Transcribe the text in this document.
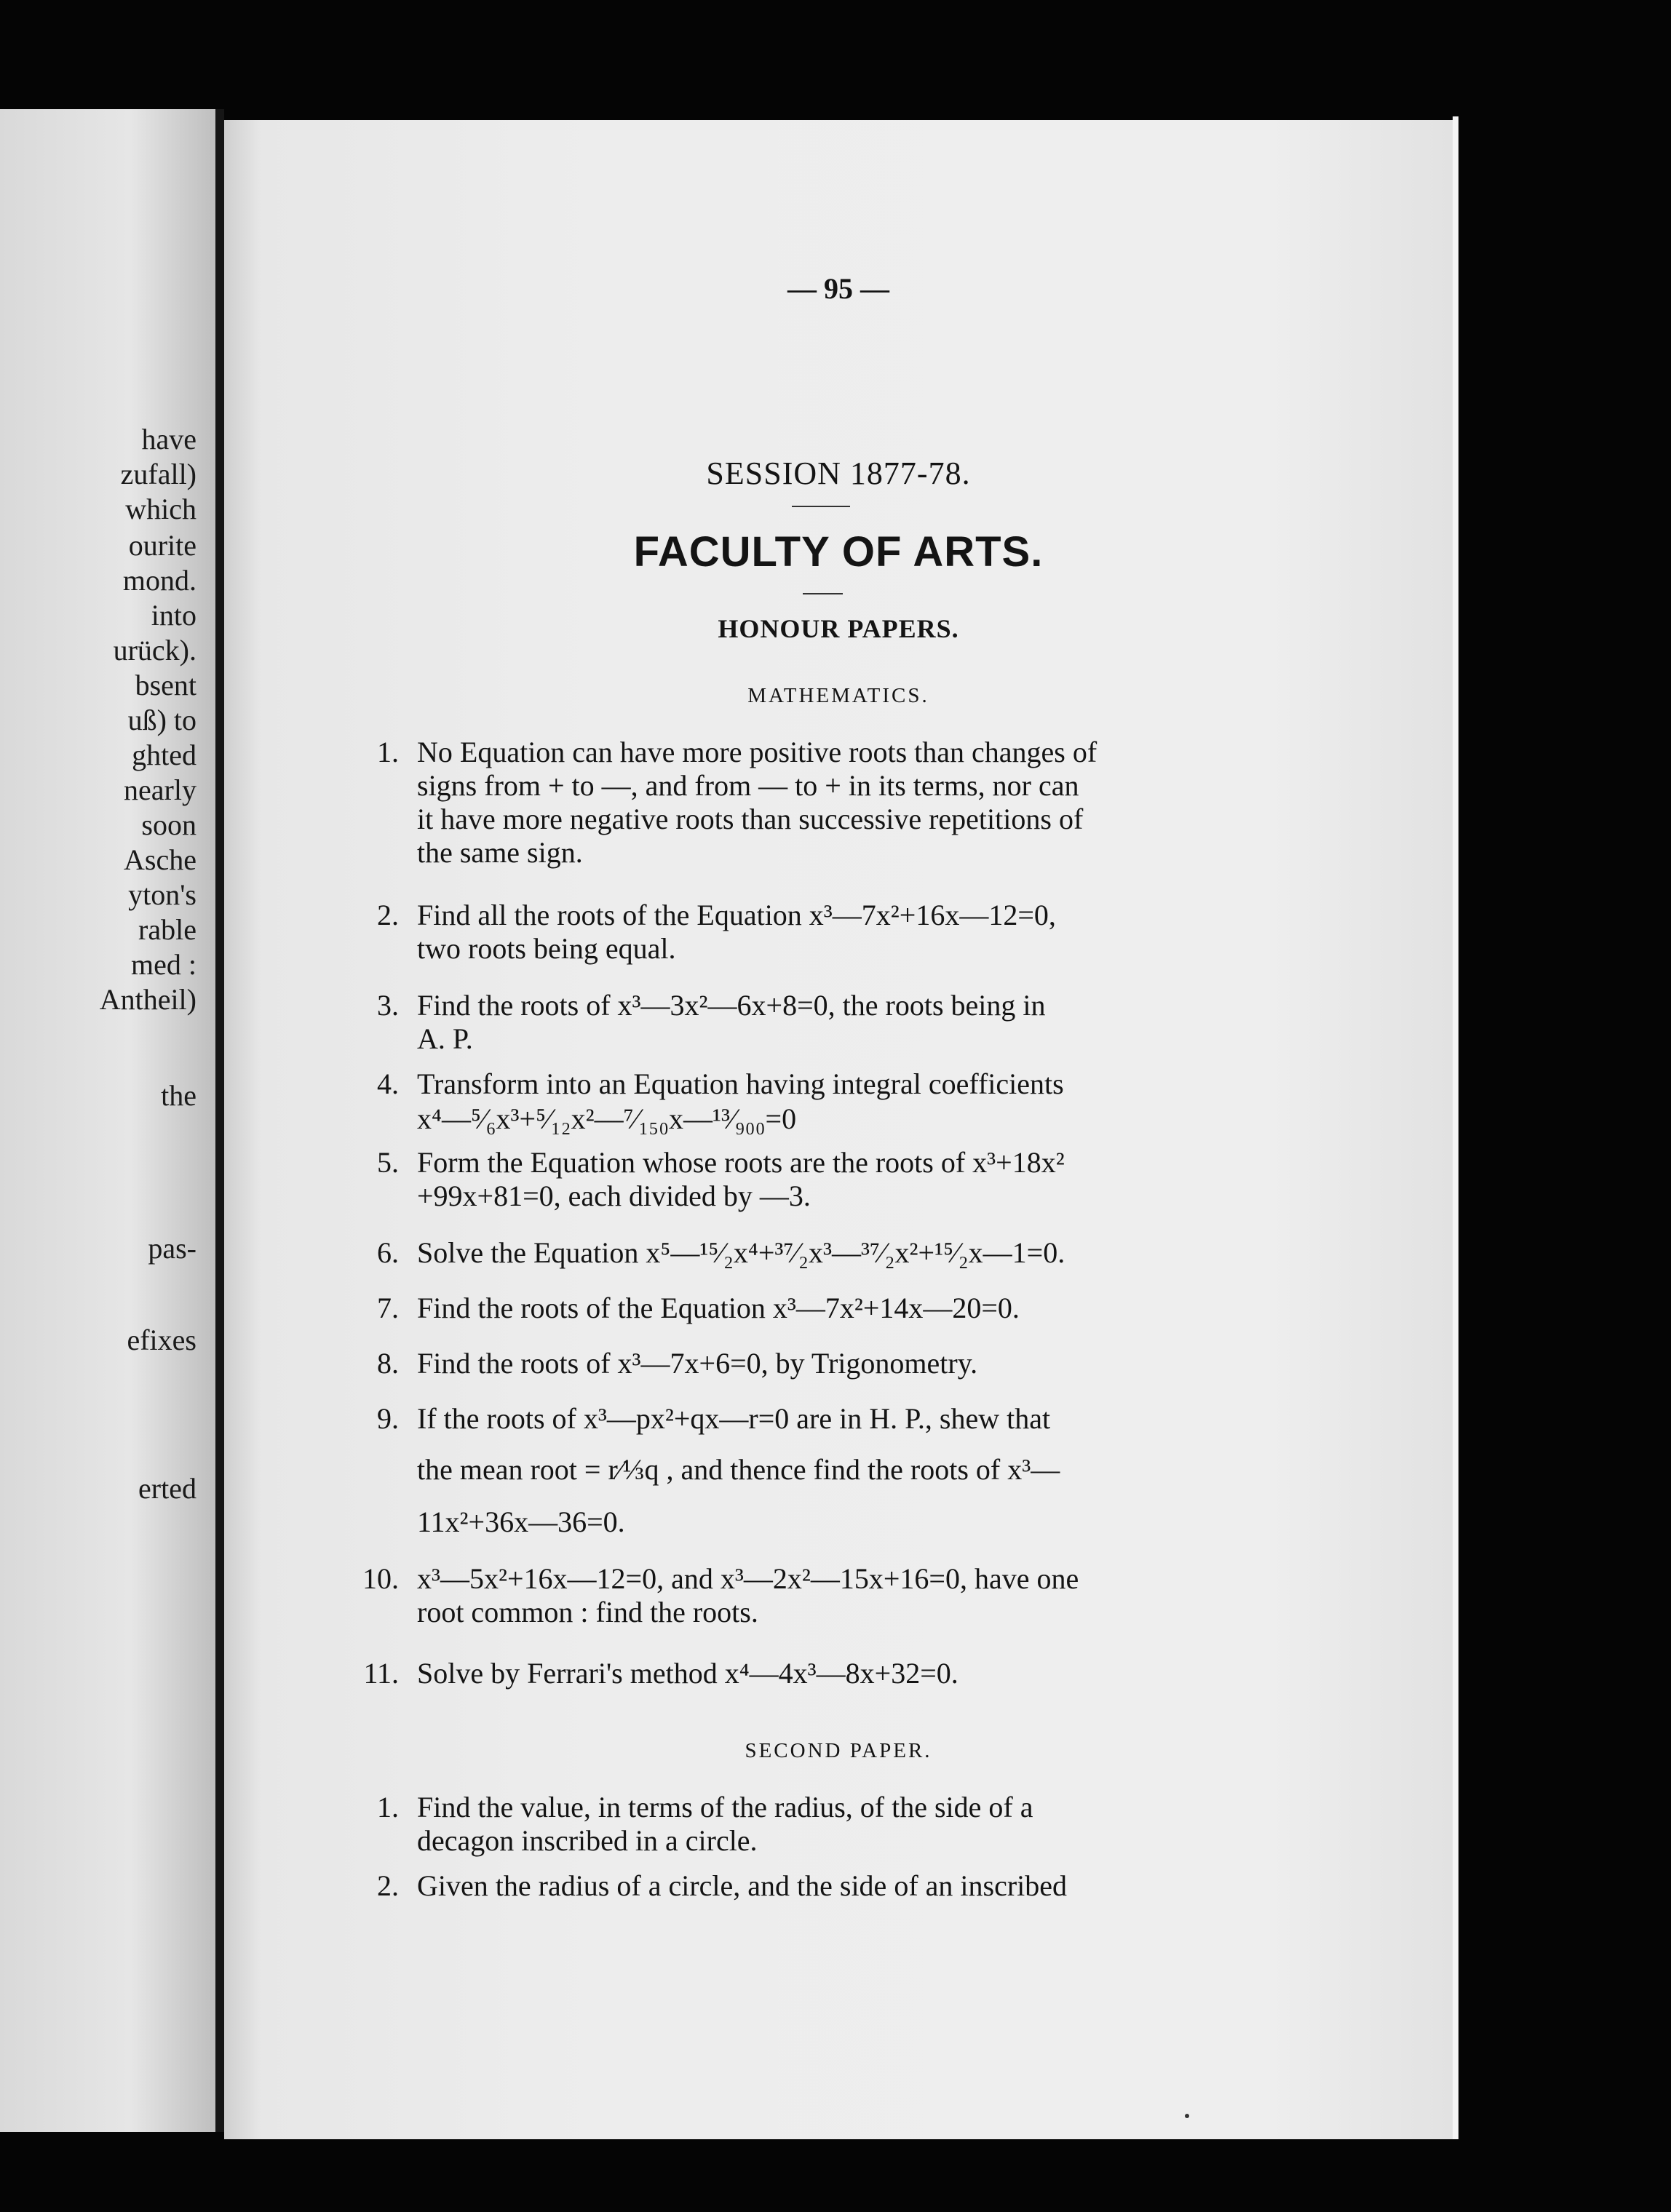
have
zufall)
which
ourite
mond.
into
urück).
bsent
uß) to
ghted
nearly
soon
Asche
yton's
rable
med :
Antheil)
the
pas-
efixes
erted
— 95 —
SESSION 1877-78.
FACULTY OF ARTS.
HONOUR PAPERS.
MATHEMATICS.
1. No Equation can have more positive roots than changes of
signs from + to —, and from — to + in its terms, nor can
it have more negative roots than successive repetitions of
the same sign.
2. Find all the roots of the Equation x³—7x²+16x—12=0,
two roots being equal.
3. Find the roots of x³—3x²—6x+8=0, the roots being in
A. P.
4. Transform into an Equation having integral coefficients
x⁴—⁵⁄₆x³+⁵⁄₁₂x²—⁷⁄₁₅₀x—¹³⁄₉₀₀=0
5. Form the Equation whose roots are the roots of x³+18x²
+99x+81=0, each divided by —3.
6. Solve the Equation x⁵—¹⁵⁄₂x⁴+³⁷⁄₂x³—³⁷⁄₂x²+¹⁵⁄₂x—1=0.
7. Find the roots of the Equation x³—7x²+14x—20=0.
8. Find the roots of x³—7x+6=0, by Trigonometry.
9. If the roots of x³—px²+qx—r=0 are in H. P., shew that
the mean root = r⁄⅓q , and thence find the roots of x³—
11x²+36x—36=0.
10. x³—5x²+16x—12=0, and x³—2x²—15x+16=0, have one
root common : find the roots.
11. Solve by Ferrari's method x⁴—4x³—8x+32=0.
SECOND PAPER.
1. Find the value, in terms of the radius, of the side of a
decagon inscribed in a circle.
2. Given the radius of a circle, and the side of an inscribed
